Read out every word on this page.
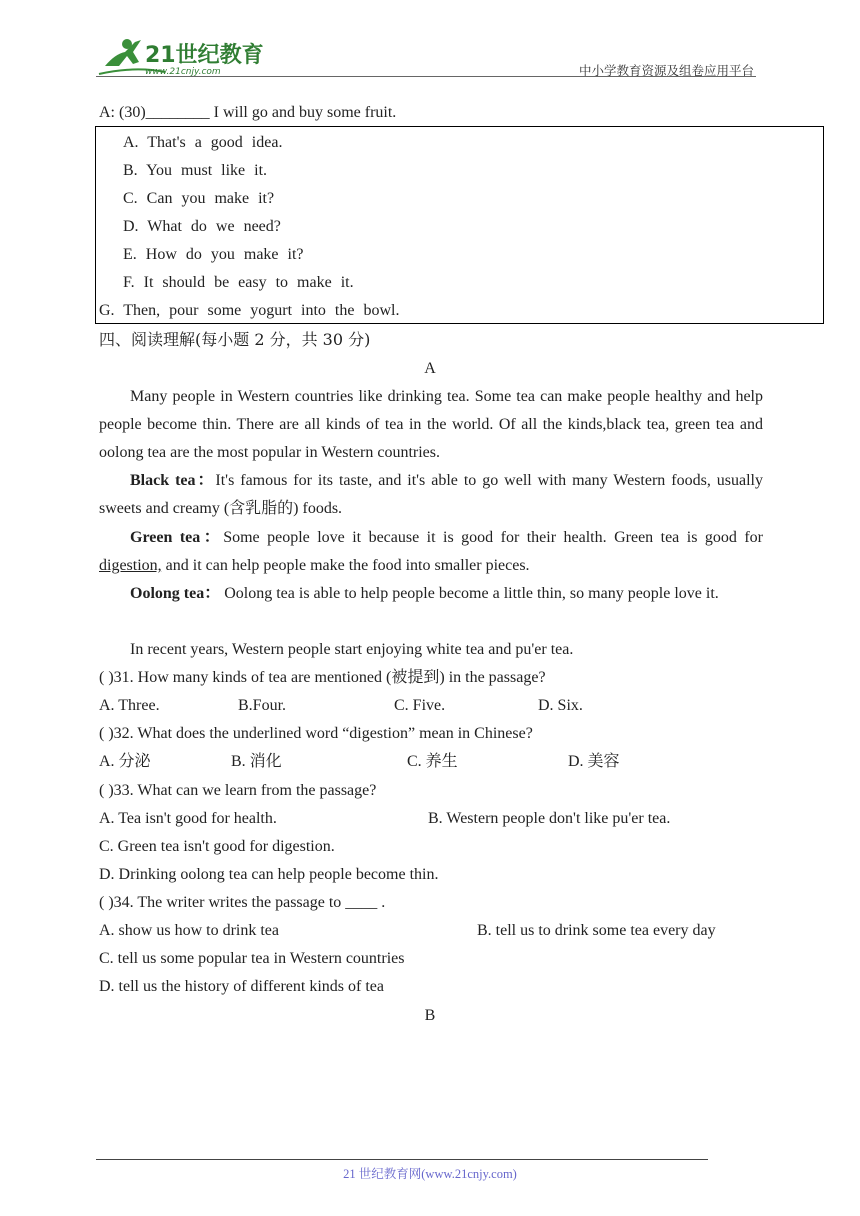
21世纪教育
www.21cnjy.com	中小学教育资源及组卷应用平台
A: (30)________ I will go and buy some fruit.
A. That's a good idea.
B. You must like it.
C. Can you make it?
D. What do we need?
E. How do you make it?
F. It should be easy to make it.
G. Then, pour some yogurt into the bowl.
四、阅读理解(每小题 2 分，共 30 分)
A
Many people in Western countries like drinking tea. Some tea can make people healthy and help people become thin. There are all kinds of tea in the world. Of all the kinds,black tea, green tea and oolong tea are the most popular in Western countries.
Black tea：It's famous for its taste, and it's able to go well with many Western foods, usually sweets and creamy (含乳脂的) foods.
Green tea：Some people love it because it is good for their health. Green tea is good for digestion, and it can help people make the food into smaller pieces.
Oolong tea： Oolong tea is able to help people become a little thin, so many people love it.
In recent years, Western people start enjoying white tea and pu'er tea.
( )31. How many kinds of tea are mentioned (被提到) in the passage?
A. Three.	B.Four.	C. Five.	D. Six.
( )32. What does the underlined word “digestion” mean in Chinese?
A. 分泌	B. 消化	C. 养生	D. 美容
( )33. What can we learn from the passage?
A. Tea isn't good for health.	B. Western people don't like pu'er tea.
C. Green tea isn't good for digestion.
D. Drinking oolong tea can help people become thin.
( )34. The writer writes the passage to ____ .
A. show us how to drink tea	B. tell us to drink some tea every day
C. tell us some popular tea in Western countries
D. tell us the history of different kinds of tea
B
21 世纪教育网(www.21cnjy.com)
